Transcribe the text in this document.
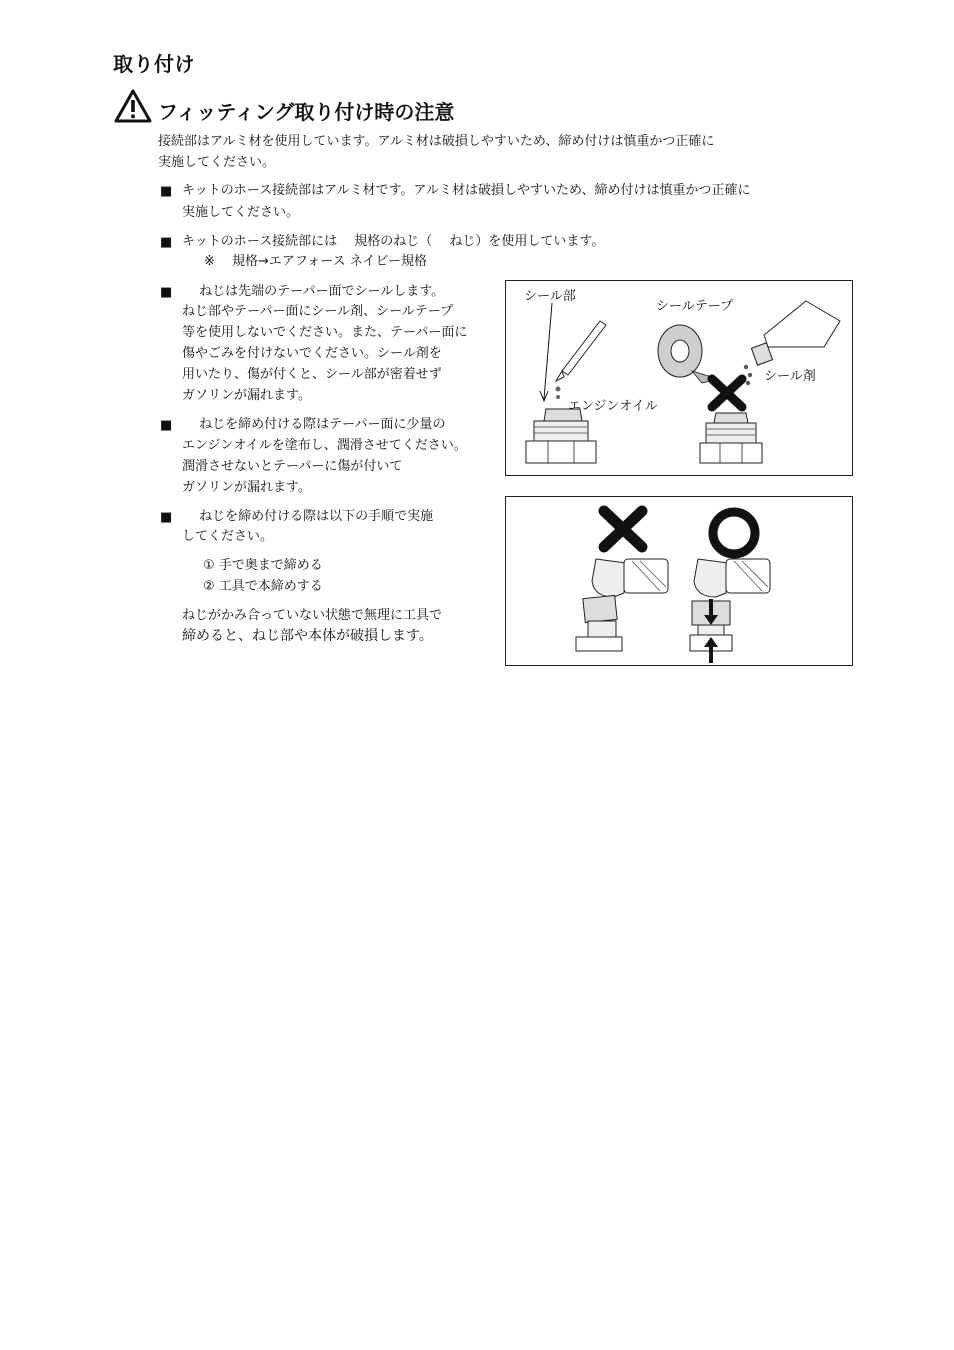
取り付け
フィッティング取り付け時の注意
接続部はアルミ材を使用しています。アルミ材は破損しやすいため、締め付けは慎重かつ正確に
実施してください。
■ キットのホース接続部はアルミ材です。アルミ材は破損しやすいため、締め付けは慎重かつ正確に
実施してください。
■ キットのホース接続部には　 規格のねじ（　 ねじ）を使用しています。
※　 規格→エアフォース ネイビー規格
■ 　 ねじは先端のテーパー面でシールします。
ねじ部やテーパー面にシール剤、シールテープ
等を使用しないでください。また、テーパー面に
傷やごみを付けないでください。シール剤を
用いたり、傷が付くと、シール部が密着せず
ガソリンが漏れます。
■ 　 ねじを締め付ける際はテーパー面に少量の
エンジンオイルを塗布し、潤滑させてください。
潤滑させないとテーパーに傷が付いて
ガソリンが漏れます。
■ 　 ねじを締め付ける際は以下の手順で実施
してください。
① 手で奥まで締める
② 工具で本締めする
ねじがかみ合っていない状態で無理に工具で
締めると、ねじ部や本体が破損します。
シール部
シールテープ
シール剤
エンジンオイル
